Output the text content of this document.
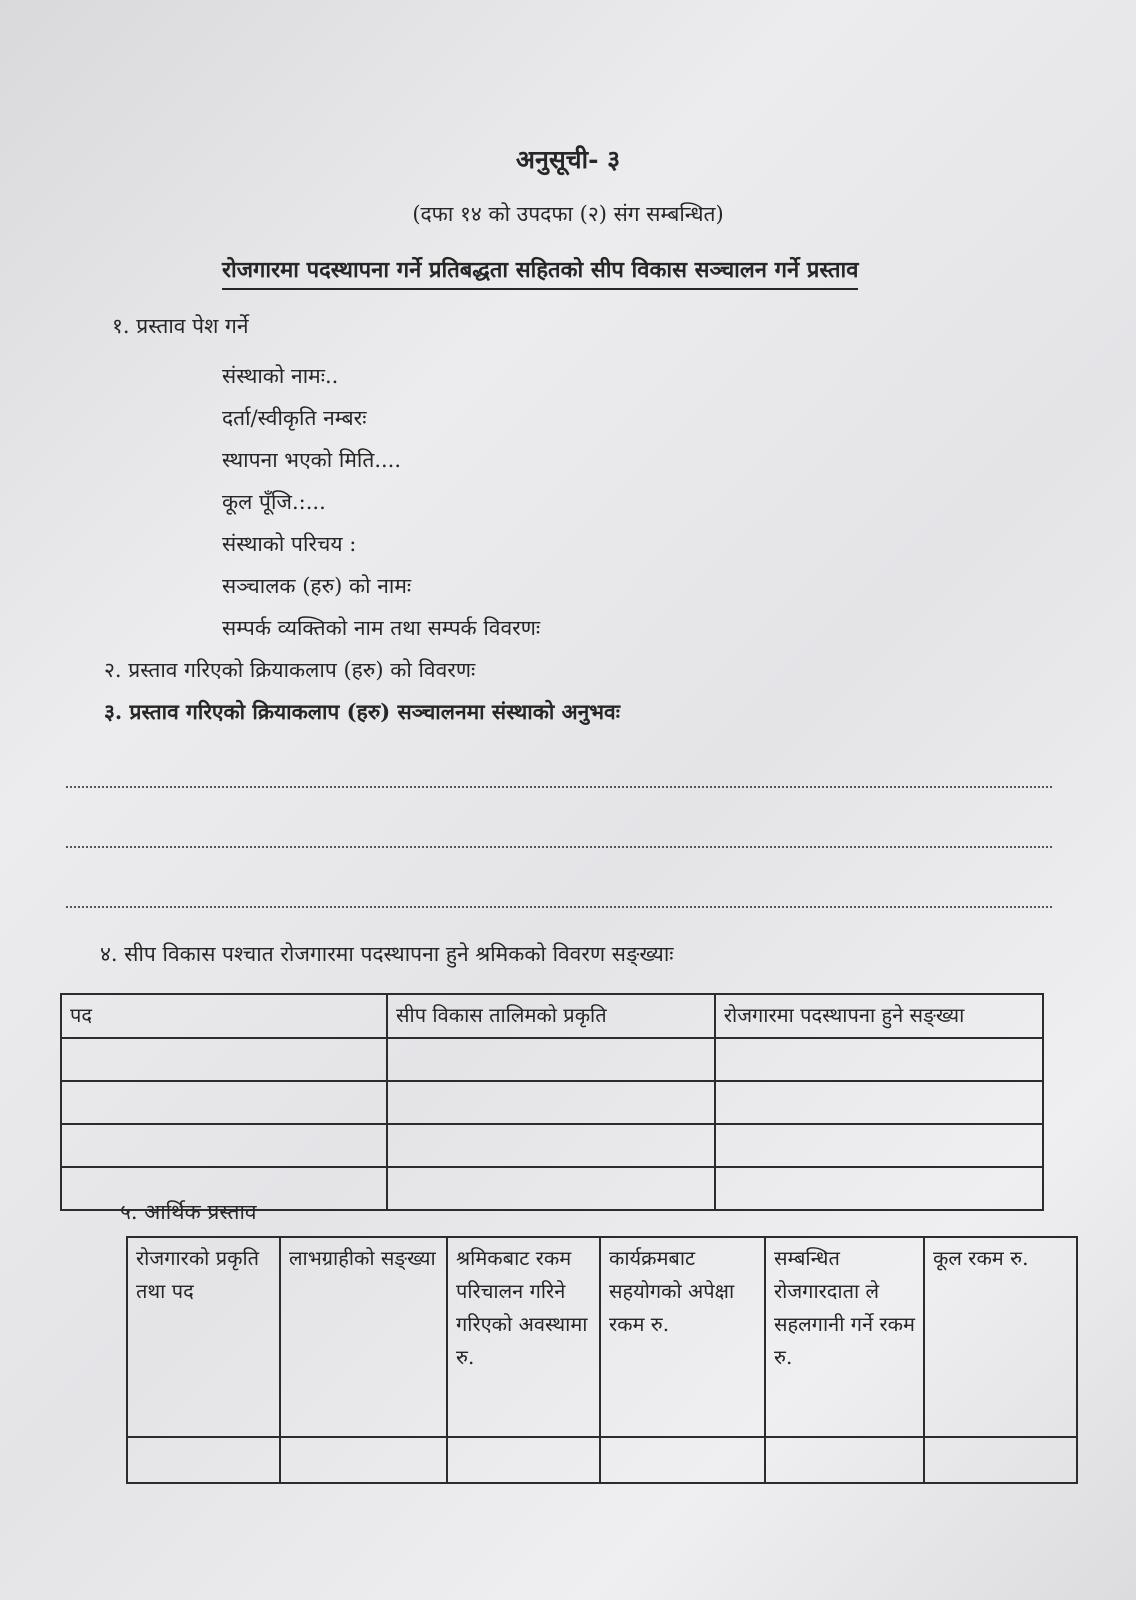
अनुसूची- ३
(दफा १४ को उपदफा (२) संग सम्बन्धित)
रोजगारमा पदस्थापना गर्ने प्रतिबद्धता सहितको सीप विकास सञ्चालन गर्ने प्रस्ताव
१. प्रस्ताव पेश गर्ने
संस्थाको नामः..
दर्ता/स्वीकृति नम्बरः
स्थापना भएको मिति....
कूल पूँजि.:...
संस्थाको परिचय :
सञ्चालक (हरु) को नामः
सम्पर्क व्यक्तिको नाम तथा सम्पर्क विवरणः
२. प्रस्ताव गरिएको क्रियाकलाप (हरु) को विवरणः
३. प्रस्ताव गरिएको क्रियाकलाप (हरु) सञ्चालनमा संस्थाको अनुभवः
४. सीप विकास पश्चात रोजगारमा पदस्थापना हुने श्रमिकको विवरण सङ्ख्याः
पद	सीप विकास तालिमको प्रकृति	रोजगारमा पदस्थापना हुने सङ्ख्या

५. आर्थिक प्रस्ताव
रोजगारको प्रकृति तथा पद	लाभग्राहीको सङ्ख्या	श्रमिकबाट रकम परिचालन गरिने गरिएको अवस्थामा रु.	कार्यक्रमबाट सहयोगको अपेक्षा रकम रु.	सम्बन्धित रोजगारदाता ले सहलगानी गर्ने रकम रु.	कूल रकम रु.
